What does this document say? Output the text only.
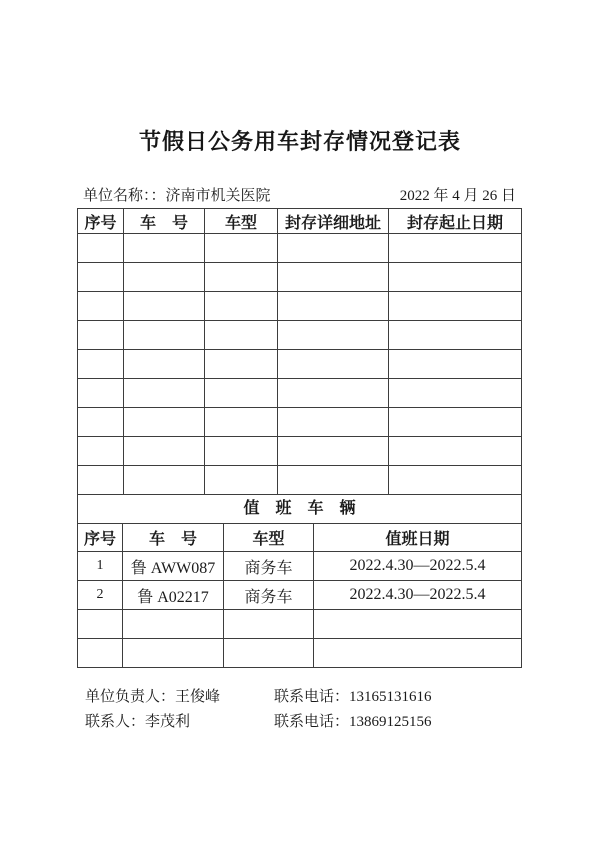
节假日公务用车封存情况登记表
单位名称：：济南市机关医院	2022 年 4 月 26 日
序号	车　号	车型	封存详细地址	封存起止日期

值　班　车　辆
序号	车　号	车型	值班日期
1	鲁 AWW087	商务车	2022.4.30—2022.5.4
2	鲁 A02217	商务车	2022.4.30—2022.5.4

单位负责人：王俊峰	联系电话：13165131616
联系人：李茂利	联系电话：13869125156
